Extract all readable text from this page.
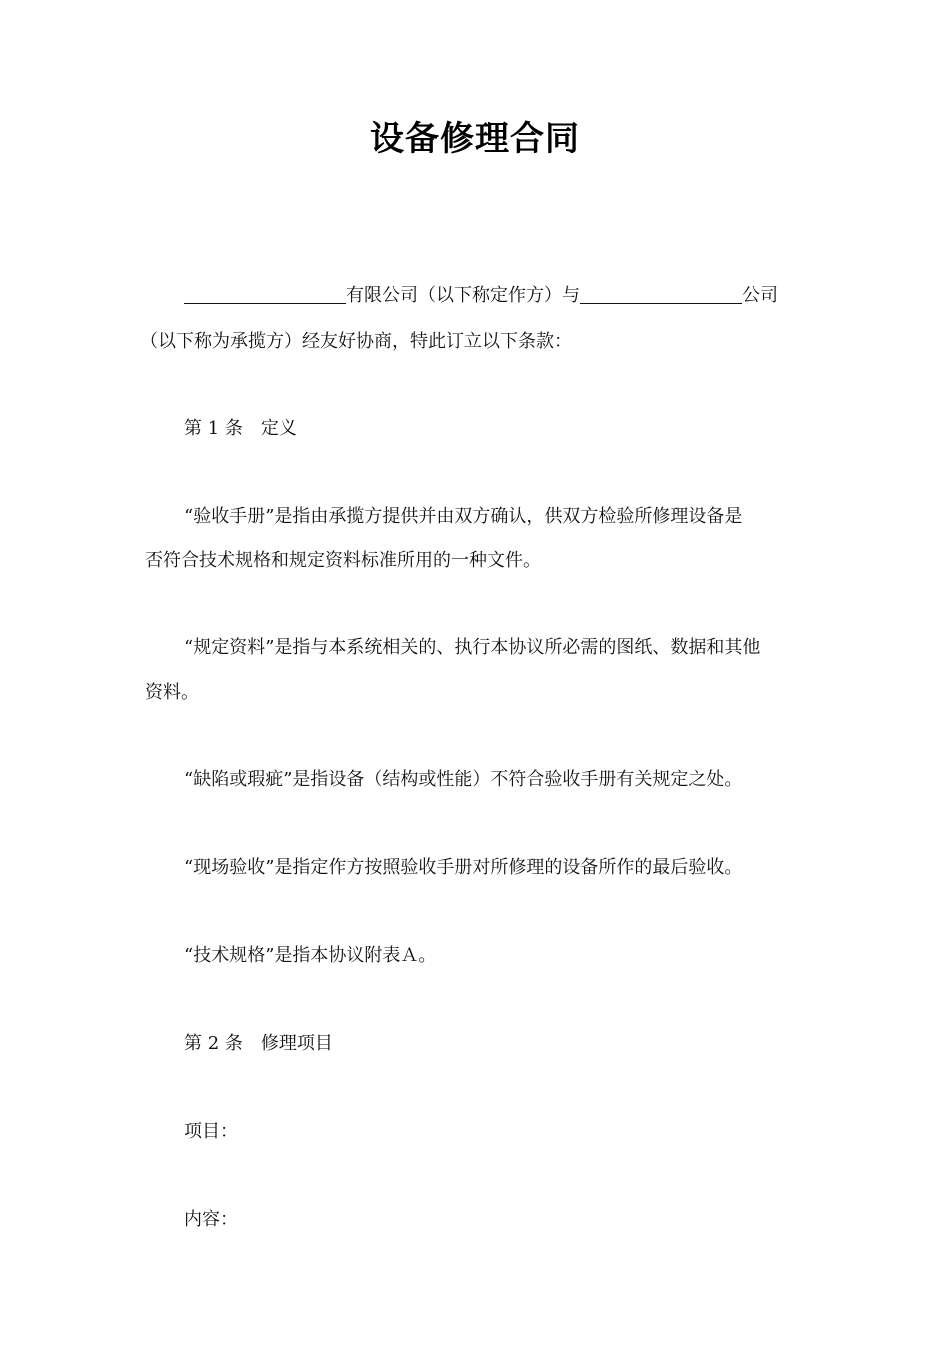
设备修理合同
有限公司（以下称定作方）与	公司
（以下称为承揽方）经友好协商，特此订立以下条款：
第 1 条 定义
“验收手册”是指由承揽方提供并由双方确认，供双方检验所修理设备是
否符合技术规格和规定资料标准所用的一种文件。
“规定资料”是指与本系统相关的、执行本协议所必需的图纸、数据和其他
资料。
“缺陷或瑕疵”是指设备（结构或性能）不符合验收手册有关规定之处。
“现场验收”是指定作方按照验收手册对所修理的设备所作的最后验收。
“技术规格”是指本协议附表Ａ。
第 2 条 修理项目
项目：
内容：
